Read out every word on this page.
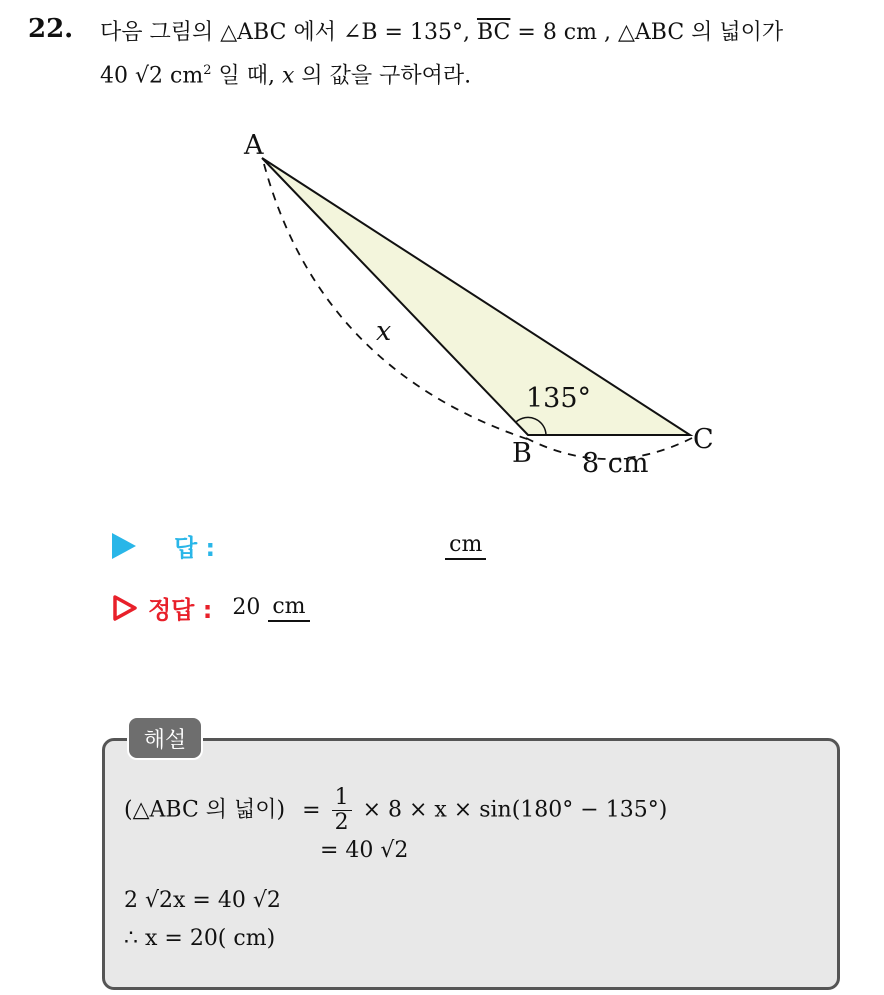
22. 다음 그림의 △ABC 에서 ∠B = 135°, $\overline{BC} = 8$ cm , △ABC 의 넓이가
40 √2 $cm^2$ 일 때, x 의 값을 구하여라.
A
B	C
135°
x
8 cm
답 :	cm
정답 : 20 cm
해설
(△ABC 의 넓이) = $\frac{1}{2} \times 8 \times x \times \sin(180^\circ - 135^\circ)$
= 40 √2
2 √2x = 40 √2
∴ x = 20( cm)
